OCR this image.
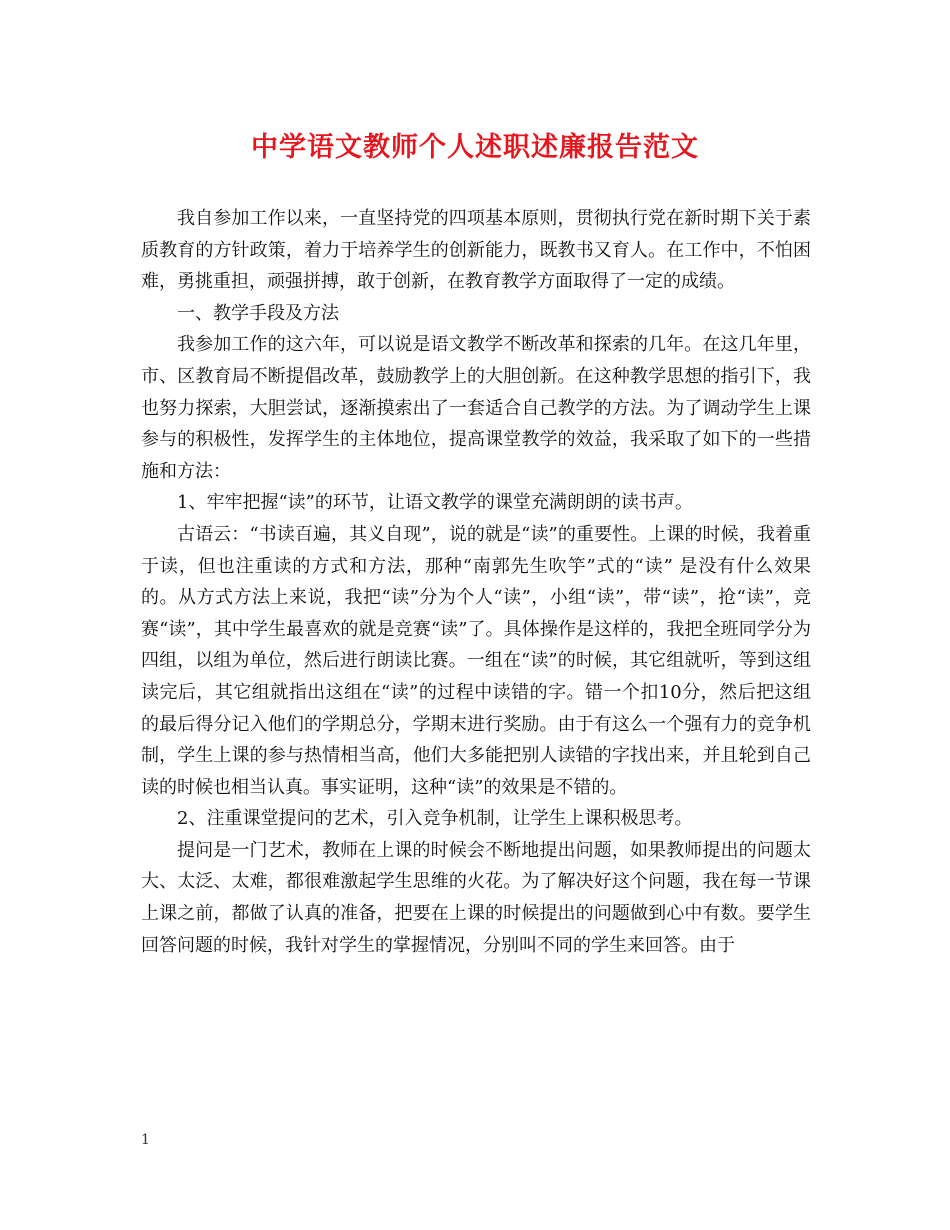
中学语文教师个人述职述廉报告范文

我自参加工作以来，一直坚持党的四项基本原则，贯彻执行党在新时期下关于素质教育的方针政策，着力于培养学生的创新能力，既教书又育人。在工作中，不怕困难，勇挑重担，顽强拼搏，敢于创新，在教育教学方面取得了一定的成绩。

一、教学手段及方法

我参加工作的这六年，可以说是语文教学不断改革和探索的几年。在这几年里，市、区教育局不断提倡改革，鼓励教学上的大胆创新。在这种教学思想的指引下，我也努力探索，大胆尝试，逐渐摸索出了一套适合自己教学的方法。为了调动学生上课参与的积极性，发挥学生的主体地位，提高课堂教学的效益，我采取了如下的一些措施和方法：

1、牢牢把握“读”的环节，让语文教学的课堂充满朗朗的读书声。

古语云：“书读百遍，其义自现”，说的就是“读”的重要性。上课的时候，我着重于读，但也注重读的方式和方法，那种“南郭先生吹竽”式的“读” 是没有什么效果的。从方式方法上来说，我把“读”分为个人“读”，小组“读”，带“读”，抢“读”，竞赛“读”，其中学生最喜欢的就是竞赛“读”了。具体操作是这样的，我把全班同学分为四组，以组为单位，然后进行朗读比赛。一组在“读”的时候，其它组就听，等到这组读完后，其它组就指出这组在“读”的过程中读错的字。错一个扣10分，然后把这组的最后得分记入他们的学期总分，学期末进行奖励。由于有这么一个强有力的竞争机制，学生上课的参与热情相当高，他们大多能把别人读错的字找出来，并且轮到自己读的时候也相当认真。事实证明，这种“读”的效果是不错的。

2、注重课堂提问的艺术，引入竞争机制，让学生上课积极思考。

提问是一门艺术，教师在上课的时候会不断地提出问题，如果教师提出的问题太大、太泛、太难，都很难激起学生思维的火花。为了解决好这个问题，我在每一节课上课之前，都做了认真的准备，把要在上课的时候提出的问题做到心中有数。要学生回答问题的时候，我针对学生的掌握情况，分别叫不同的学生来回答。由于

1
